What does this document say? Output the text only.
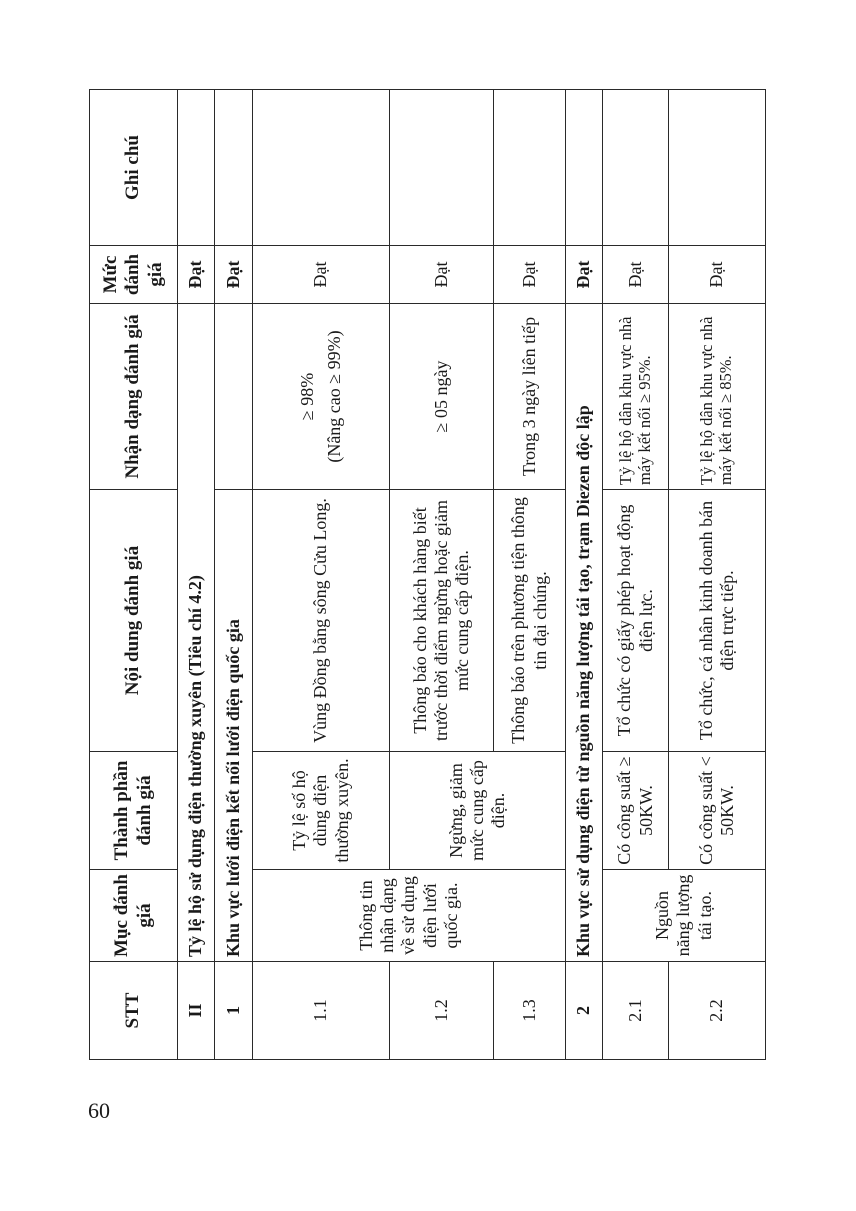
60
STT	Mục đánh giá	Thành phần đánh giá	Nội dung đánh giá	Nhận dạng đánh giá	Mức đánh giá	Ghi chú
II	Tỷ lệ hộ sử dụng điện thường xuyên (Tiêu chí 4.2)				Đạt	
1	Khu vực lưới điện kết nối lưới điện quốc gia				Đạt	
1.1	Thông tin nhận dạng về sử dụng điện lưới quốc gia.	Tỷ lệ số hộ dùng điện thường xuyên.	Vùng Đồng bằng sông Cửu Long.	≥ 98% (Nâng cao ≥ 99%)	Đạt	
1.2		Ngừng, giảm mức cung cấp điện.	Thông báo cho khách hàng biết trước thời điểm ngừng hoặc giảm mức cung cấp điện.	≥ 05 ngày	Đạt	
1.3			Thông báo trên phương tiện thông tin đại chúng.	Trong 3 ngày liên tiếp	Đạt	
2	Khu vực sử dụng điện từ nguồn năng lượng tái tạo, trạm Diezen độc lập				Đạt	
2.1	Nguồn năng lượng tái tạo.	Có công suất ≥ 50KW.	Tổ chức có giấy phép hoạt động điện lực.	Tỷ lệ hộ dân khu vực nhà máy kết nối ≥ 95%.	Đạt	
2.2		Có công suất < 50KW.	Tổ chức, cá nhân kinh doanh bán điện trực tiếp.	Tỷ lệ hộ dân khu vực nhà máy kết nối ≥ 85%.	Đạt	
